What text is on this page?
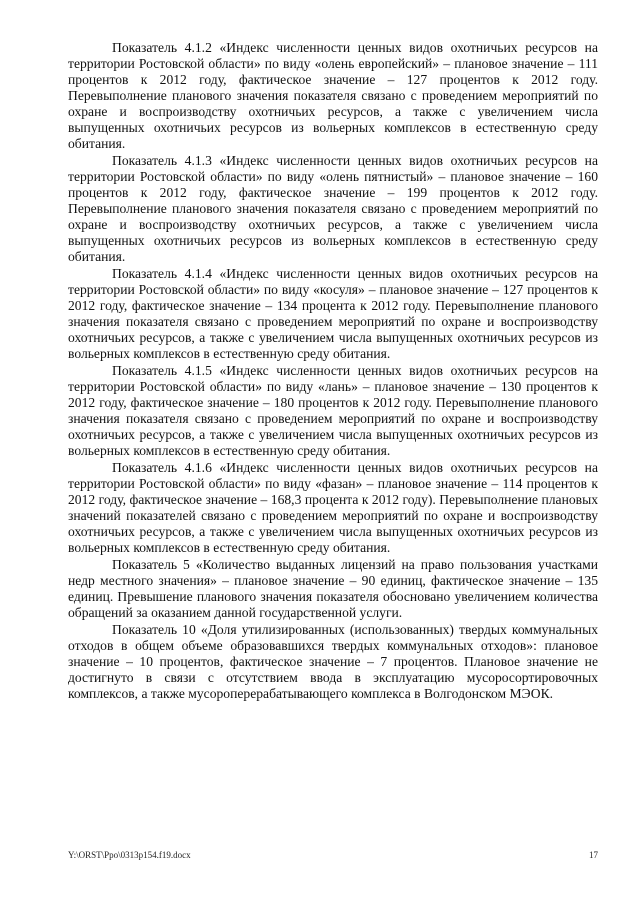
Показатель 4.1.2 «Индекс численности ценных видов охотничьих ресурсов на территории Ростовской области» по виду «олень европейский» – плановое значение – 111 процентов к 2012 году, фактическое значение – 127 процентов к 2012 году. Перевыполнение планового значения показателя связано с проведением мероприятий по охране и воспроизводству охотничьих ресурсов, а также с увеличением числа выпущенных охотничьих ресурсов из вольерных комплексов в естественную среду обитания.

Показатель 4.1.3 «Индекс численности ценных видов охотничьих ресурсов на территории Ростовской области» по виду «олень пятнистый» – плановое значение – 160 процентов к 2012 году, фактическое значение – 199 процентов к 2012 году. Перевыполнение планового значения показателя связано с проведением мероприятий по охране и воспроизводству охотничьих ресурсов, а также с увеличением числа выпущенных охотничьих ресурсов из вольерных комплексов в естественную среду обитания.

Показатель 4.1.4 «Индекс численности ценных видов охотничьих ресурсов на территории Ростовской области» по виду «косуля» – плановое значение – 127 процентов к 2012 году, фактическое значение – 134 процента к 2012 году. Перевыполнение планового значения показателя связано с проведением мероприятий по охране и воспроизводству охотничьих ресурсов, а также с увеличением числа выпущенных охотничьих ресурсов из вольерных комплексов в естественную среду обитания.

Показатель 4.1.5 «Индекс численности ценных видов охотничьих ресурсов на территории Ростовской области» по виду «лань» – плановое значение – 130 процентов к 2012 году, фактическое значение – 180 процентов к 2012 году. Перевыполнение планового значения показателя связано с проведением мероприятий по охране и воспроизводству охотничьих ресурсов, а также с увеличением числа выпущенных охотничьих ресурсов из вольерных комплексов в естественную среду обитания.

Показатель 4.1.6 «Индекс численности ценных видов охотничьих ресурсов на территории Ростовской области» по виду «фазан» – плановое значение – 114 процентов к 2012 году, фактическое значение – 168,3 процента к 2012 году). Перевыполнение плановых значений показателей связано с проведением мероприятий по охране и воспроизводству охотничьих ресурсов, а также с увеличением числа выпущенных охотничьих ресурсов из вольерных комплексов в естественную среду обитания.

Показатель 5 «Количество выданных лицензий на право пользования участками недр местного значения» – плановое значение – 90 единиц, фактическое значение – 135 единиц. Превышение планового значения показателя обосновано увеличением количества обращений за оказанием данной государственной услуги.

Показатель 10 «Доля утилизированных (использованных) твердых коммунальных отходов в общем объеме образовавшихся твердых коммунальных отходов»: плановое значение – 10 процентов, фактическое значение – 7 процентов. Плановое значение не достигнуто в связи с отсутствием ввода в эксплуатацию мусоросортировочных комплексов, а также мусороперерабатывающего комплекса в Волгодонском МЭОК.

Y:\ORST\Ppo\0313p154.f19.docx	17
